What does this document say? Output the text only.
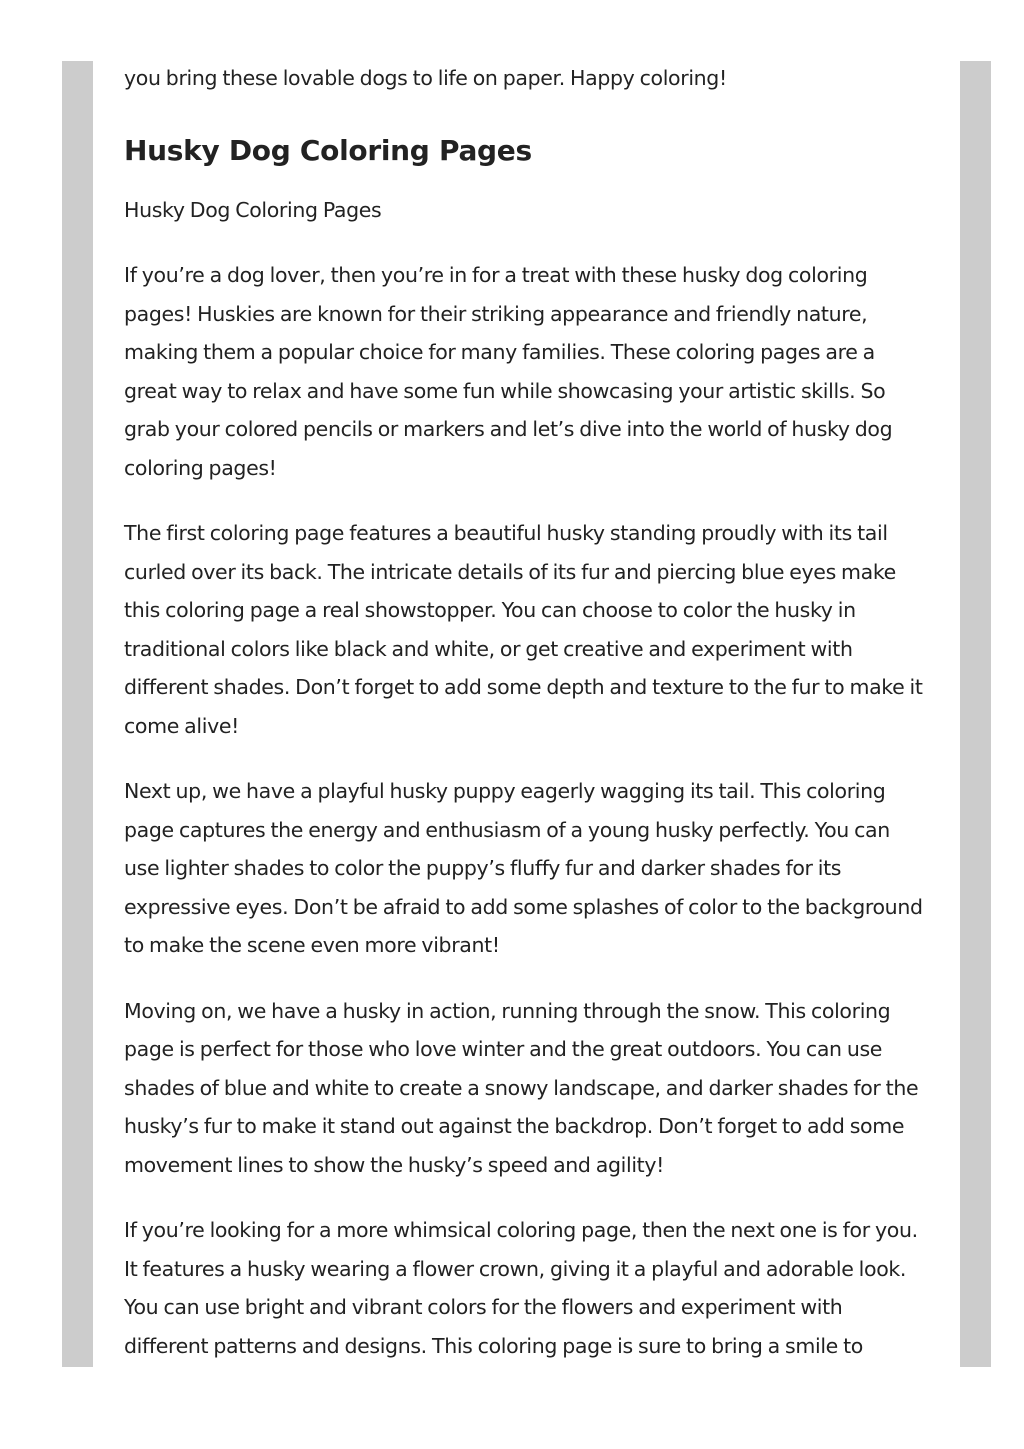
you bring these lovable dogs to life on paper. Happy coloring!

Husky Dog Coloring Pages

Husky Dog Coloring Pages

If you’re a dog lover, then you’re in for a treat with these husky dog coloring pages! Huskies are known for their striking appearance and friendly nature, making them a popular choice for many families. These coloring pages are a great way to relax and have some fun while showcasing your artistic skills. So grab your colored pencils or markers and let’s dive into the world of husky dog coloring pages!

The first coloring page features a beautiful husky standing proudly with its tail curled over its back. The intricate details of its fur and piercing blue eyes make this coloring page a real showstopper. You can choose to color the husky in traditional colors like black and white, or get creative and experiment with different shades. Don’t forget to add some depth and texture to the fur to make it come alive!

Next up, we have a playful husky puppy eagerly wagging its tail. This coloring page captures the energy and enthusiasm of a young husky perfectly. You can use lighter shades to color the puppy’s fluffy fur and darker shades for its expressive eyes. Don’t be afraid to add some splashes of color to the background to make the scene even more vibrant!

Moving on, we have a husky in action, running through the snow. This coloring page is perfect for those who love winter and the great outdoors. You can use shades of blue and white to create a snowy landscape, and darker shades for the husky’s fur to make it stand out against the backdrop. Don’t forget to add some movement lines to show the husky’s speed and agility!

If you’re looking for a more whimsical coloring page, then the next one is for you. It features a husky wearing a flower crown, giving it a playful and adorable look. You can use bright and vibrant colors for the flowers and experiment with different patterns and designs. This coloring page is sure to bring a smile to
